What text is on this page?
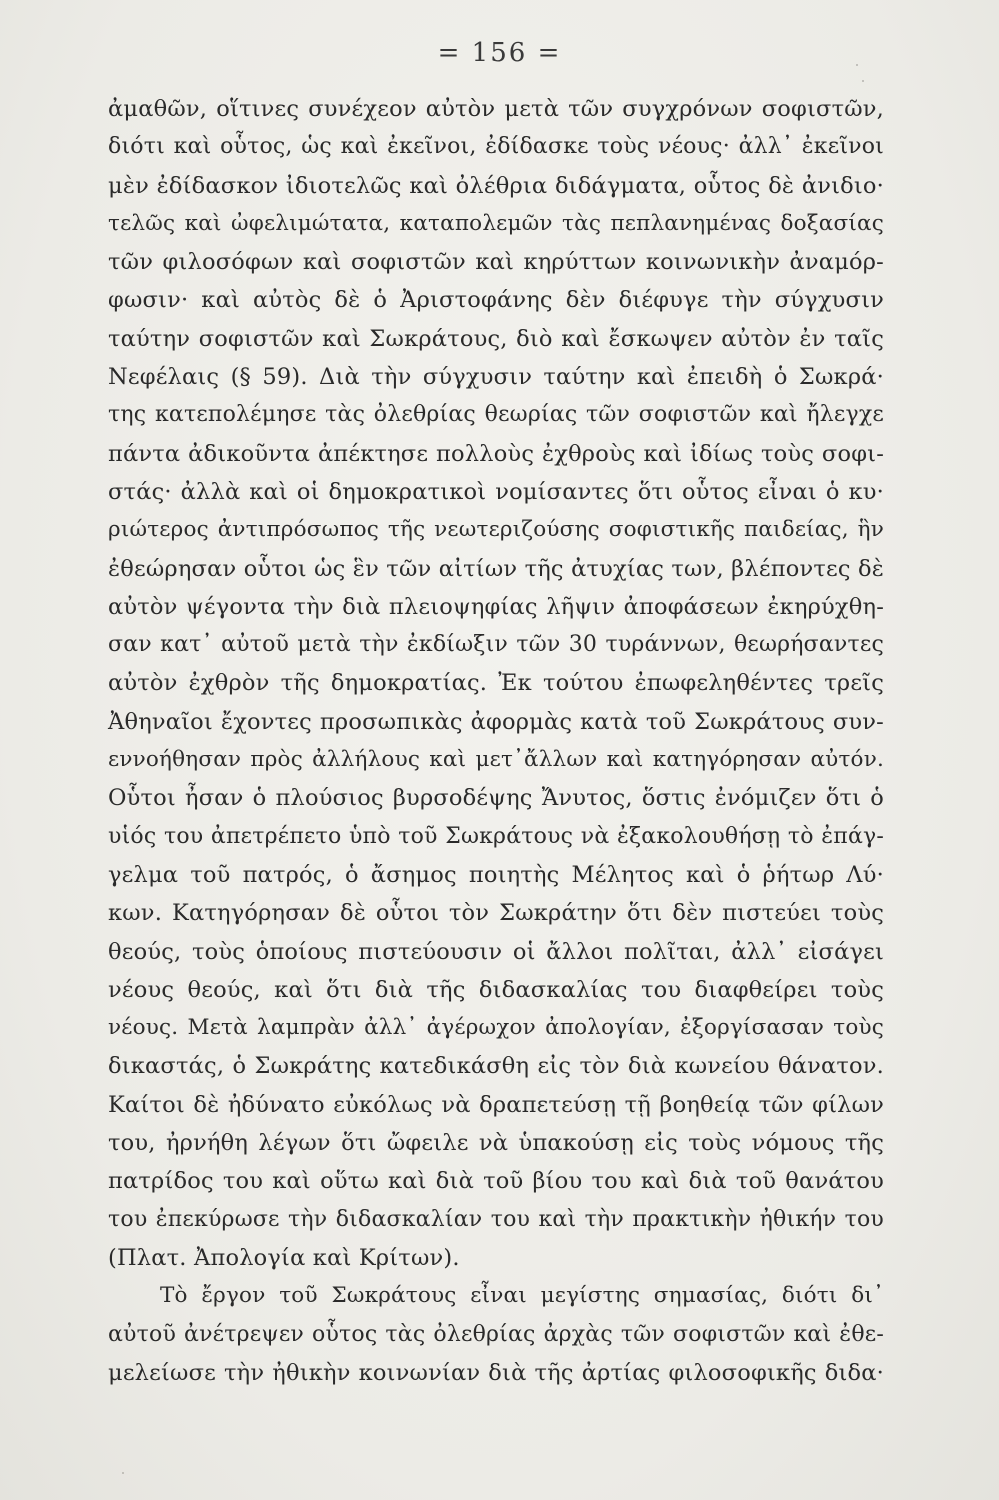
= 156 =
ἀμαθῶν, οἵτινες συνέχεον αὐτὸν μετὰ τῶν συγχρόνων σοφιστῶν,
διότι καὶ οὗτος, ὡς καὶ ἐκεῖνοι, ἐδίδασκε τοὺς νέους· ἀλλ᾽ ἐκεῖνοι
μὲν ἐδίδασκον ἰδιοτελῶς καὶ ὀλέθρια διδάγματα, οὗτος δὲ ἀνιδιο·
τελῶς καὶ ὠφελιμώτατα, καταπολεμῶν τὰς πεπλανημένας δοξασίας
τῶν φιλοσόφων καὶ σοφιστῶν καὶ κηρύττων κοινωνικὴν ἀναμόρ-
φωσιν· καὶ αὐτὸς δὲ ὁ Ἀριστοφάνης δὲν διέφυγε τὴν σύγχυσιν
ταύτην σοφιστῶν καὶ Σωκράτους, διὸ καὶ ἔσκωψεν αὐτὸν ἐν ταῖς
Νεφέλαις (§ 59). Διὰ τὴν σύγχυσιν ταύτην καὶ ἐπειδὴ ὁ Σωκρά·
της κατεπολέμησε τὰς ὀλεθρίας θεωρίας τῶν σοφιστῶν καὶ ἤλεγχε
πάντα ἀδικοῦντα ἀπέκτησε πολλοὺς ἐχθροὺς καὶ ἰδίως τοὺς σοφι-
στάς· ἀλλὰ καὶ οἱ δημοκρατικοὶ νομίσαντες ὅτι οὗτος εἶναι ὁ κυ·
ριώτερος ἀντιπρόσωπος τῆς νεωτεριζούσης σοφιστικῆς παιδείας, ἣν
ἐθεώρησαν οὗτοι ὡς ἓν τῶν αἰτίων τῆς ἀτυχίας των, βλέποντες δὲ
αὐτὸν ψέγοντα τὴν διὰ πλειοψηφίας λῆψιν ἀποφάσεων ἐκηρύχθη-
σαν κατ᾽ αὐτοῦ μετὰ τὴν ἐκδίωξιν τῶν 30 τυράννων, θεωρήσαντες
αὐτὸν ἐχθρὸν τῆς δημοκρατίας. Ἐκ τούτου ἐπωφεληθέντες τρεῖς
Ἀθηναῖοι ἔχοντες προσωπικὰς ἀφορμὰς κατὰ τοῦ Σωκράτους συν-
εννοήθησαν πρὸς ἀλλήλους καὶ μετ᾽ἄλλων καὶ κατηγόρησαν αὐτόν.
Οὗτοι ἦσαν ὁ πλούσιος βυρσοδέψης Ἄνυτος, ὅστις ἐνόμιζεν ὅτι ὁ
υἱός του ἀπετρέπετο ὑπὸ τοῦ Σωκράτους νὰ ἐξακολουθήσῃ τὸ ἐπάγ-
γελμα τοῦ πατρός, ὁ ἄσημος ποιητὴς Μέλητος καὶ ὁ ῥήτωρ Λύ·
κων. Κατηγόρησαν δὲ οὗτοι τὸν Σωκράτην ὅτι δὲν πιστεύει τοὺς
θεούς, τοὺς ὁποίους πιστεύουσιν οἱ ἄλλοι πολῖται, ἀλλ᾽ εἰσάγει
νέους θεούς, καὶ ὅτι διὰ τῆς διδασκαλίας του διαφθείρει τοὺς
νέους. Μετὰ λαμπρὰν ἀλλ᾽ ἀγέρωχον ἀπολογίαν, ἐξοργίσασαν τοὺς
δικαστάς, ὁ Σωκράτης κατεδικάσθη εἰς τὸν διὰ κωνείου θάνατον.
Καίτοι δὲ ἠδύνατο εὐκόλως νὰ δραπετεύσῃ τῇ βοηθείᾳ τῶν φίλων
του, ἠρνήθη λέγων ὅτι ὤφειλε νὰ ὑπακούσῃ εἰς τοὺς νόμους τῆς
πατρίδος του καὶ οὕτω καὶ διὰ τοῦ βίου του καὶ διὰ τοῦ θανάτου
του ἐπεκύρωσε τὴν διδασκαλίαν του καὶ τὴν πρακτικὴν ἠθικήν του
(Πλατ. Ἀπολογία καὶ Κρίτων).
Τὸ ἔργον τοῦ Σωκράτους εἶναι μεγίστης σημασίας, διότι δι᾽
αὐτοῦ ἀνέτρεψεν οὗτος τὰς ὀλεθρίας ἀρχὰς τῶν σοφιστῶν καὶ ἐθε-
μελείωσε τὴν ἠθικὴν κοινωνίαν διὰ τῆς ἀρτίας φιλοσοφικῆς διδα·
